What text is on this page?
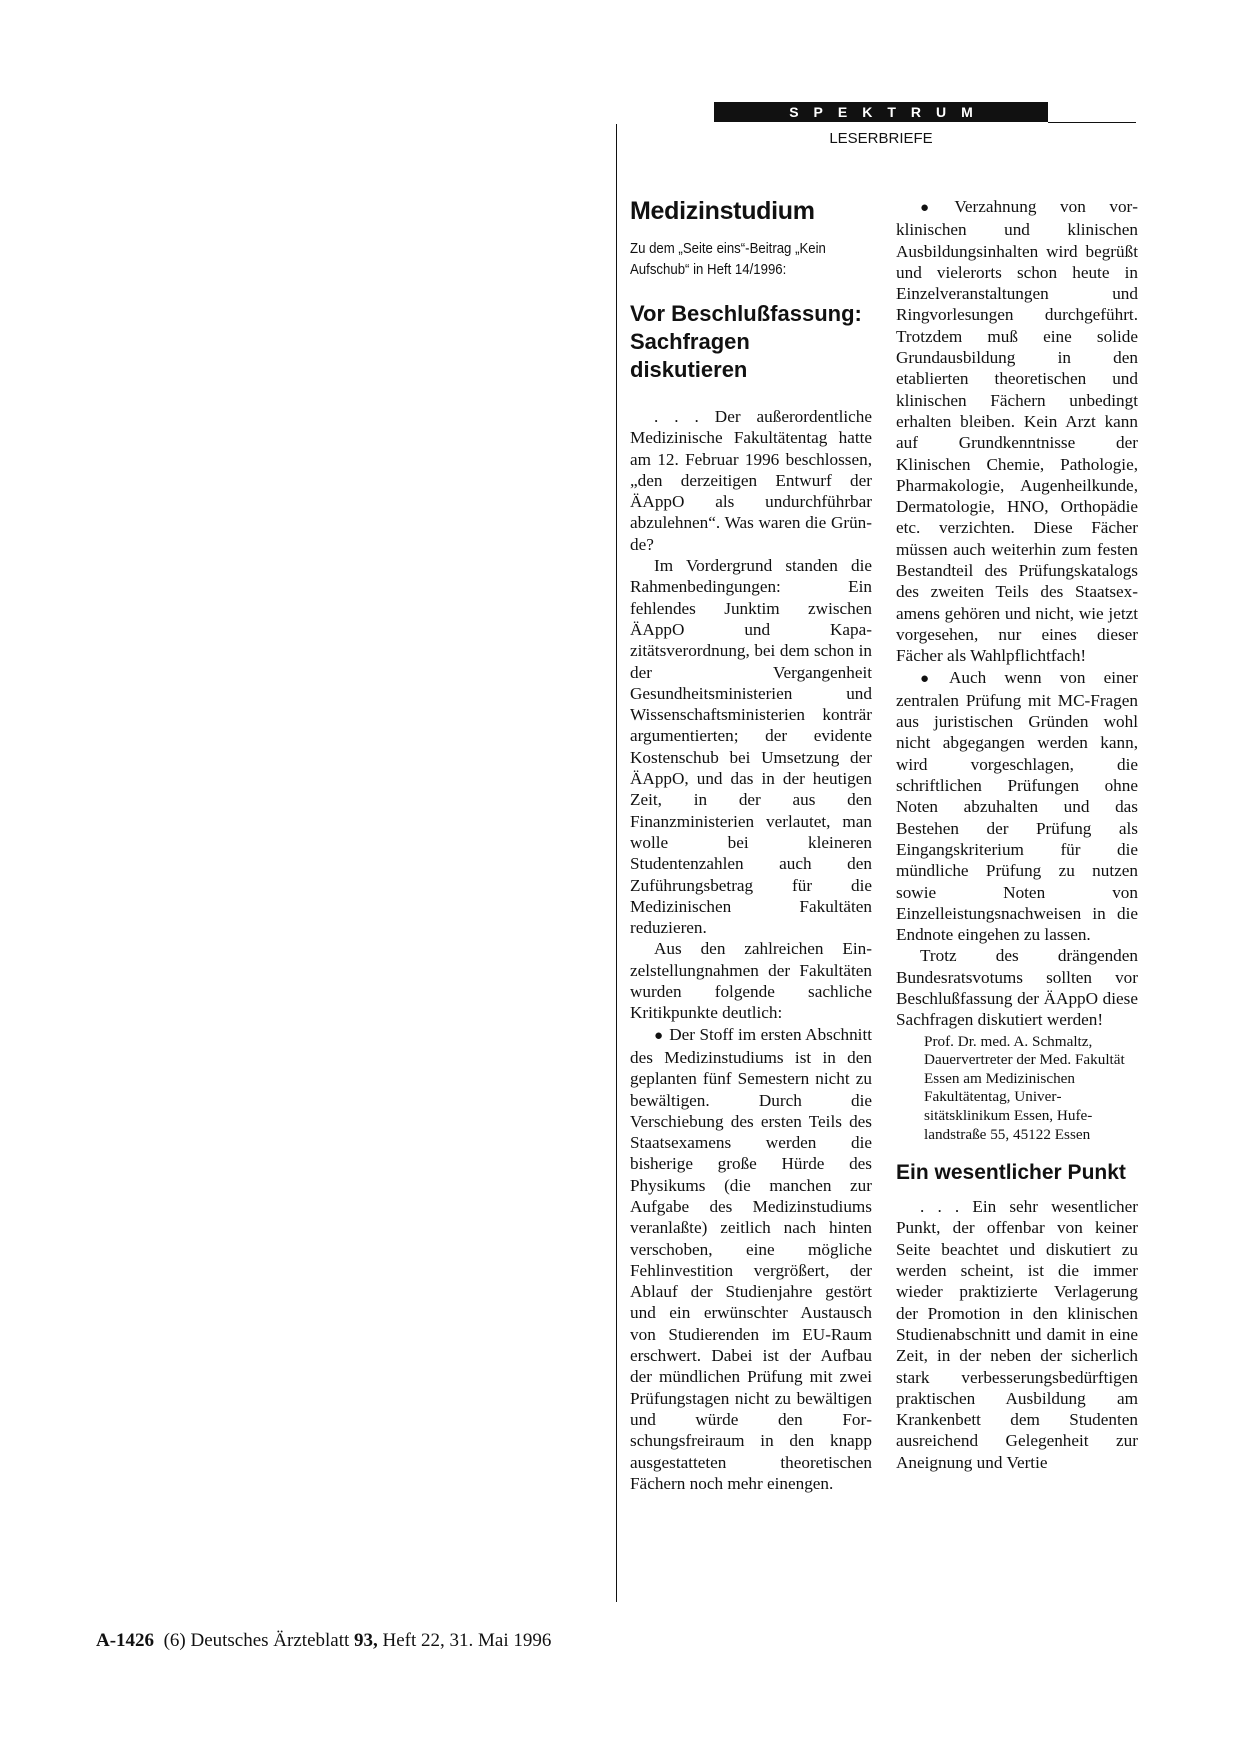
SPEKTRUM
LESERBRIEFE
Medizinstudium
Zu dem „Seite eins“-Beitrag „Kein Aufschub“ in Heft 14/1996:
Vor Beschlußfassung: Sachfragen diskutieren

. . . Der außerordentliche Medizinische Fakultätentag hatte am 12. Februar 1996 beschlossen, „den derzeitigen Entwurf der ÄAppO als undurchführbar abzulehnen“. Was waren die Gründe?

Im Vordergrund standen die Rahmenbedingungen: Ein fehlendes Junktim zwischen ÄAppO und Kapazitätsverordnung, bei dem schon in der Vergangenheit Gesundheitsministerien und Wissenschaftsministerien konträr argumentierten; der evidente Kostenschub bei Umsetzung der ÄAppO, und das in der heutigen Zeit, in der aus den Finanzministerien verlautet, man wolle bei kleineren Studentenzahlen auch den Zuführungsbetrag für die Medizinischen Fakultäten reduzieren.

Aus den zahlreichen Einzelstellungnahmen der Fakultäten wurden folgende sachliche Kritikpunkte deutlich:

● Der Stoff im ersten Abschnitt des Medizinstudiums ist in den geplanten fünf Semestern nicht zu bewältigen. Durch die Verschiebung des ersten Teils des Staatsexamens werden die bisherige große Hürde des Physikums (die manchen zur Aufgabe des Medizinstudiums veranlaßte) zeitlich nach hinten verschoben, eine mögliche Fehlinvestition vergrößert, der Ablauf der Studienjahre gestört und ein erwünschter Austausch von Studierenden im EU-Raum erschwert. Dabei ist der Aufbau der mündlichen Prüfung mit zwei Prüfungstagen nicht zu bewältigen und würde den Forschungsfreiraum in den knapp ausgestatteten theoretischen Fächern noch mehr einengen.

● Verzahnung von vorklinischen und klinischen Ausbildungsinhalten wird begrüßt und vielerorts schon heute in Einzelveranstaltungen und Ringvorlesungen durchgeführt. Trotzdem muß eine solide Grundausbildung in den etablierten theoretischen und klinischen Fächern unbedingt erhalten bleiben. Kein Arzt kann auf Grundkenntnisse der Klinischen Chemie, Pathologie, Pharmakologie, Augenheilkunde, Dermatologie, HNO, Orthopädie etc. verzichten. Diese Fächer müssen auch weiterhin zum festen Bestandteil des Prüfungskatalogs des zweiten Teils des Staatsexamens gehören und nicht, wie jetzt vorgesehen, nur eines dieser Fächer als Wahlpflichtfach!

● Auch wenn von einer zentralen Prüfung mit MC-Fragen aus juristischen Gründen wohl nicht abgegangen werden kann, wird vorgeschlagen, die schriftlichen Prüfungen ohne Noten abzuhalten und das Bestehen der Prüfung als Eingangskriterium für die mündliche Prüfung zu nutzen sowie Noten von Einzelleistungsnachweisen in die Endnote eingehen zu lassen.

Trotz des drängenden Bundesratsvotums sollten vor Beschlußfassung der ÄAppO diese Sachfragen diskutiert werden!

Prof. Dr. med. A. Schmaltz, Dauervertreter der Med. Fakultät Essen am Medizinischen Fakultätentag, Universitätsklinikum Essen, Hufelandstraße 55, 45122 Essen
Ein wesentlicher Punkt

. . . Ein sehr wesentlicher Punkt, der offenbar von keiner Seite beachtet und diskutiert zu werden scheint, ist die immer wieder praktizierte Verlagerung der Promotion in den klinischen Studienabschnitt und damit in eine Zeit, in der neben der sicherlich stark verbesserungsbedürftigen praktischen Ausbildung am Krankenbett dem Studenten ausreichend Gelegenheit zur Aneignung und Vertie

A-1426 (6) Deutsches Ärzteblatt 93, Heft 22, 31. Mai 1996
